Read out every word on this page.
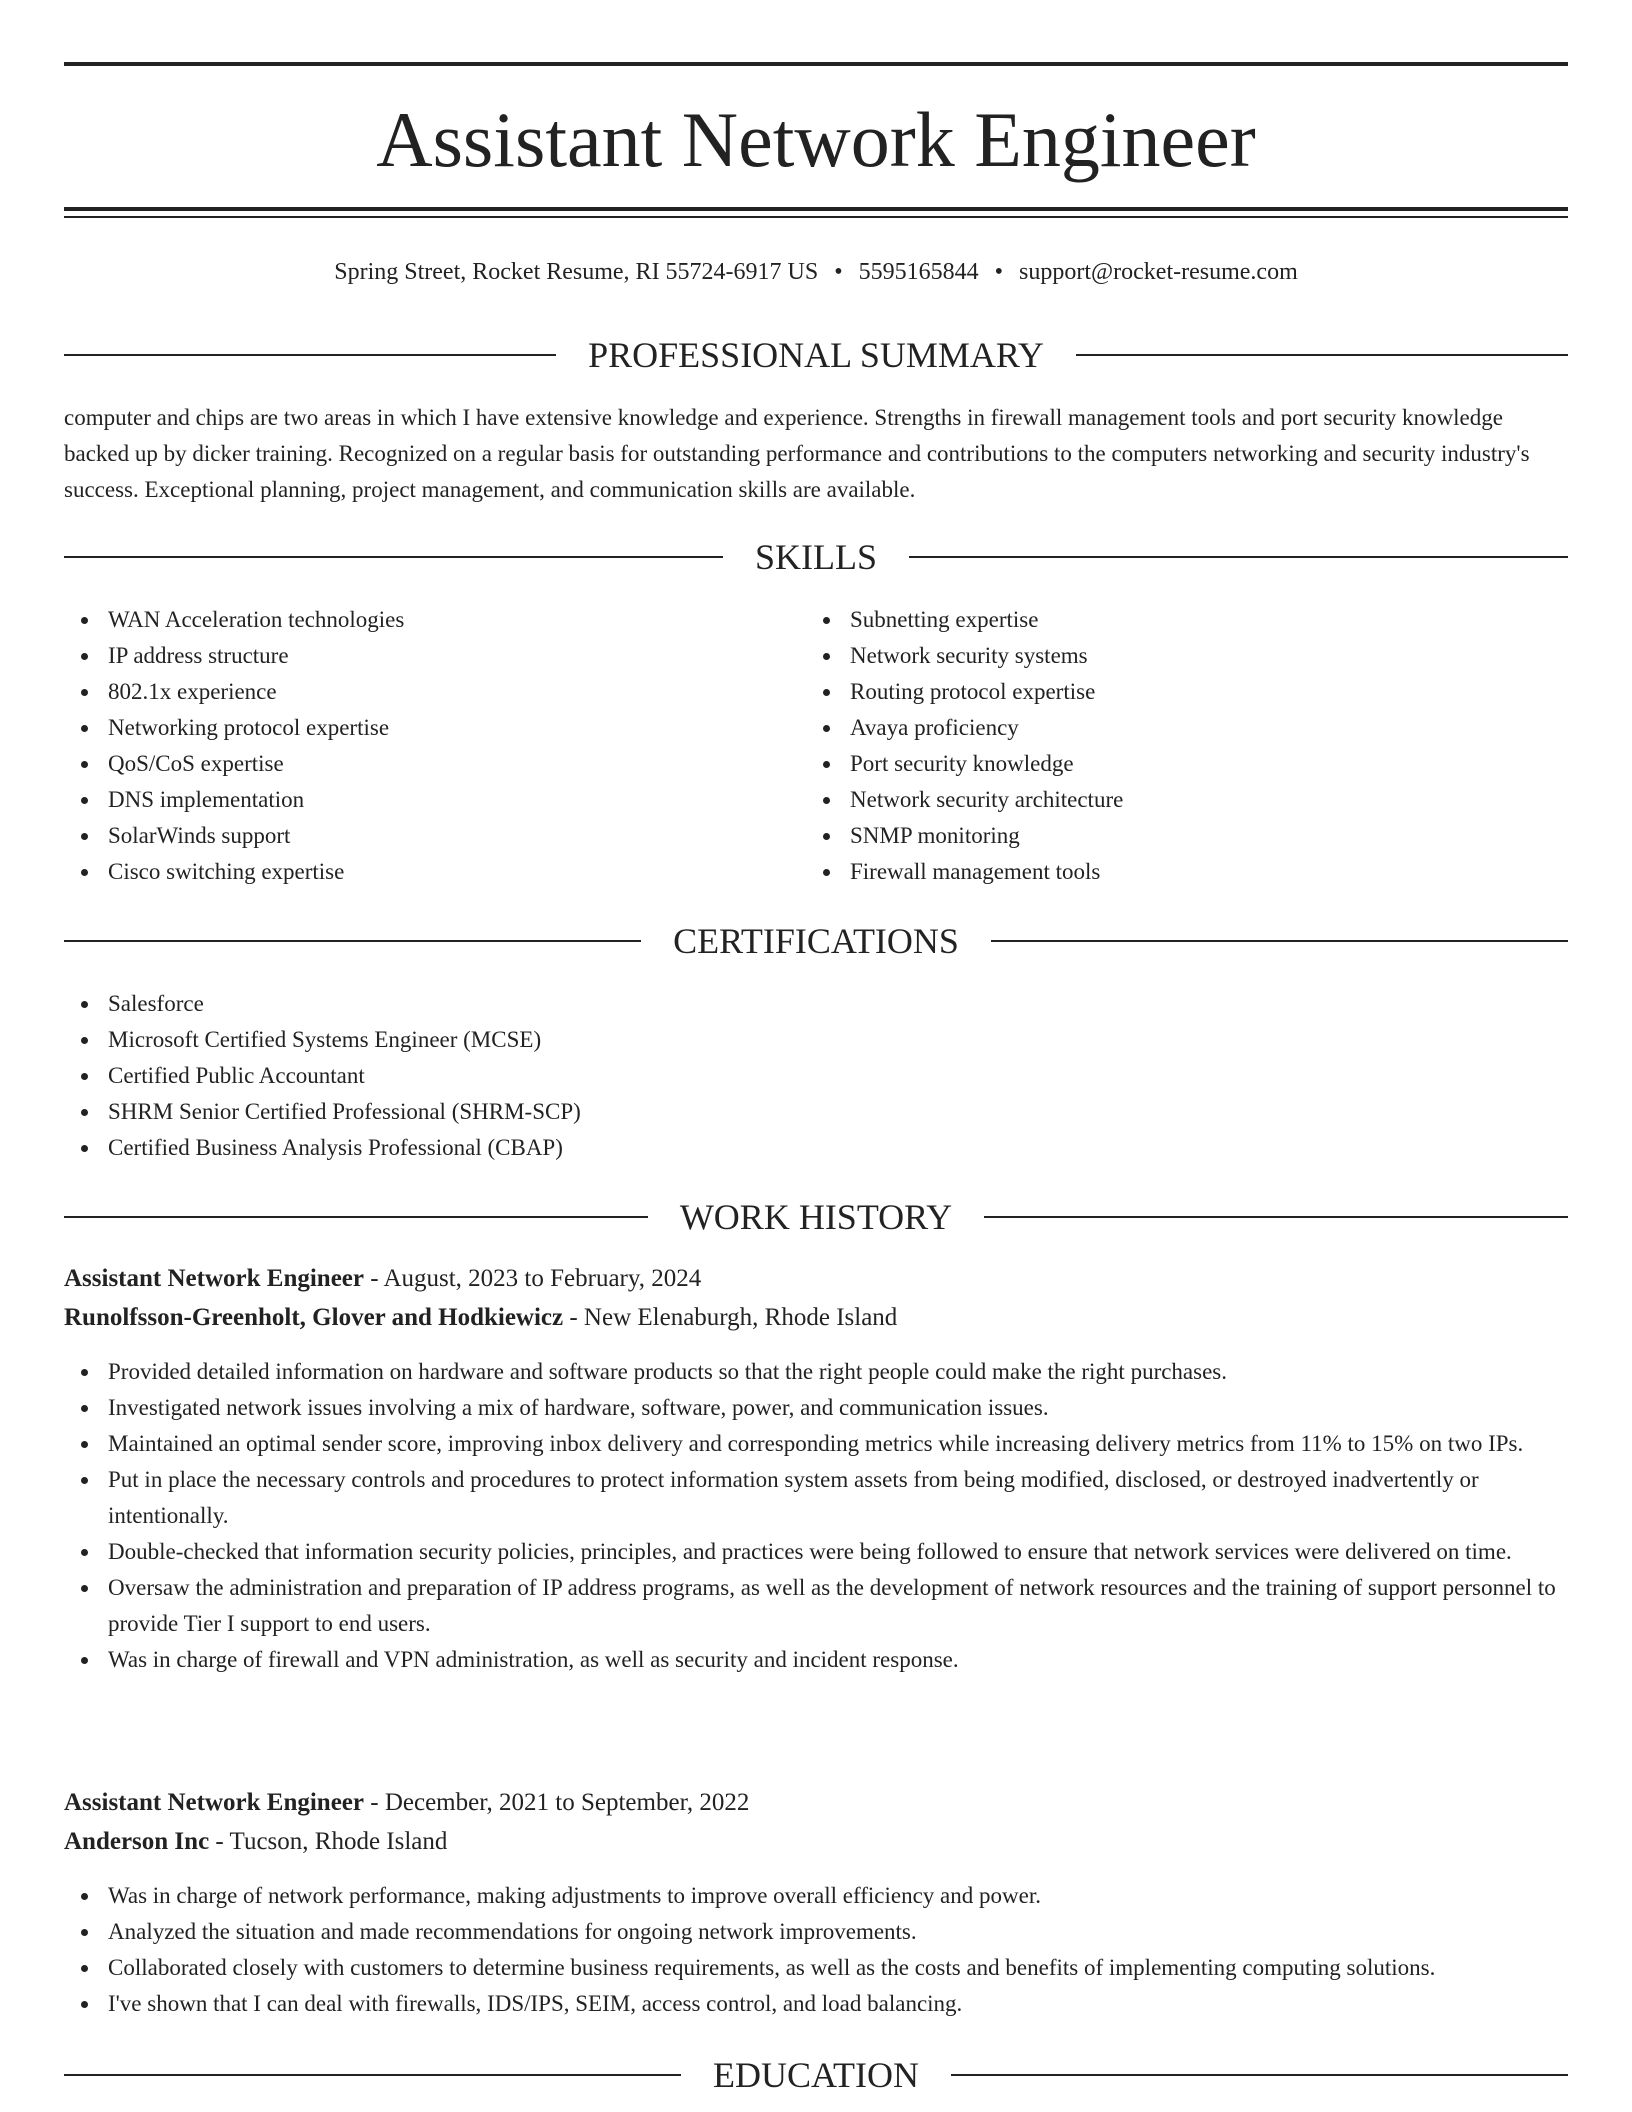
Assistant Network Engineer
Spring Street, Rocket Resume, RI 55724-6917 US • 5595165844 • support@rocket-resume.com
PROFESSIONAL SUMMARY

computer and chips are two areas in which I have extensive knowledge and experience. Strengths in firewall management tools and port security knowledge backed up by dicker training. Recognized on a regular basis for outstanding performance and contributions to the computers networking and security industry's success. Exceptional planning, project management, and communication skills are available.

SKILLS
WAN Acceleration technologies
IP address structure
802.1x experience
Networking protocol expertise
QoS/CoS expertise
DNS implementation
SolarWinds support
Cisco switching expertise
Subnetting expertise
Network security systems
Routing protocol expertise
Avaya proficiency
Port security knowledge
Network security architecture
SNMP monitoring
Firewall management tools
CERTIFICATIONS
Salesforce
Microsoft Certified Systems Engineer (MCSE)
Certified Public Accountant
SHRM Senior Certified Professional (SHRM-SCP)
Certified Business Analysis Professional (CBAP)
WORK HISTORY
Assistant Network Engineer - August, 2023 to February, 2024
Runolfsson-Greenholt, Glover and Hodkiewicz - New Elenaburgh, Rhode Island
Provided detailed information on hardware and software products so that the right people could make the right purchases.
Investigated network issues involving a mix of hardware, software, power, and communication issues.
Maintained an optimal sender score, improving inbox delivery and corresponding metrics while increasing delivery metrics from 11% to 15% on two IPs.
Put in place the necessary controls and procedures to protect information system assets from being modified, disclosed, or destroyed inadvertently or intentionally.
Double-checked that information security policies, principles, and practices were being followed to ensure that network services were delivered on time.
Oversaw the administration and preparation of IP address programs, as well as the development of network resources and the training of support personnel to provide Tier I support to end users.
Was in charge of firewall and VPN administration, as well as security and incident response.
Assistant Network Engineer - December, 2021 to September, 2022
Anderson Inc - Tucson, Rhode Island
Was in charge of network performance, making adjustments to improve overall efficiency and power.
Analyzed the situation and made recommendations for ongoing network improvements.
Collaborated closely with customers to determine business requirements, as well as the costs and benefits of implementing computing solutions.
I've shown that I can deal with firewalls, IDS/IPS, SEIM, access control, and load balancing.
EDUCATION
